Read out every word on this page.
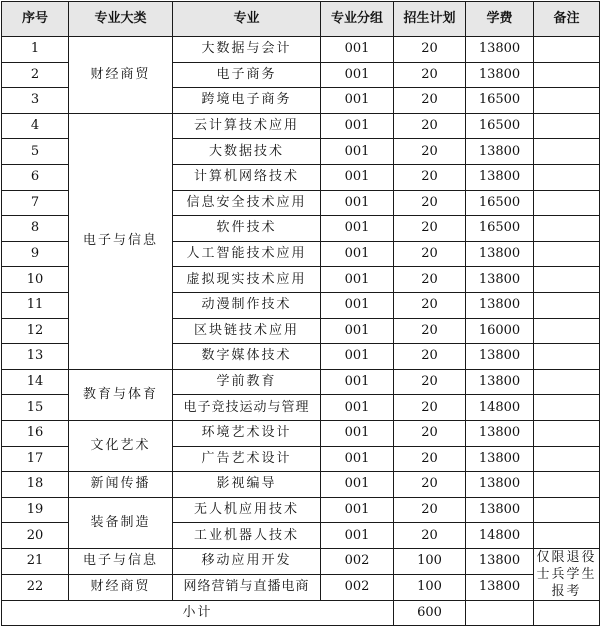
序号	专业大类	专业	专业分组	招生计划	学费	备注
1	财经商贸	大数据与会计	001	20	13800	
2		电子商务	001	20	13800	
3		跨境电子商务	001	20	16500	
4	电子与信息	云计算技术应用	001	20	16500	
5		大数据技术	001	20	13800	
6		计算机网络技术	001	20	13800	
7		信息安全技术应用	001	20	16500	
8		软件技术	001	20	16500	
9		人工智能技术应用	001	20	13800	
10		虚拟现实技术应用	001	20	13800	
11		动漫制作技术	001	20	13800	
12		区块链技术应用	001	20	16000	
13		数字媒体技术	001	20	13800	
14	教育与体育	学前教育	001	20	13800	
15		电子竞技运动与管理	001	20	14800	
16	文化艺术	环境艺术设计	001	20	13800	
17		广告艺术设计	001	20	13800	
18	新闻传播	影视编导	001	20	13800	
19	装备制造	无人机应用技术	001	20	13800	
20		工业机器人技术	001	20	14800	
21	电子与信息	移动应用开发	002	100	13800	仅限退役士兵学生报考
22	财经商贸	网络营销与直播电商	002	100	13800	
小计				600		
